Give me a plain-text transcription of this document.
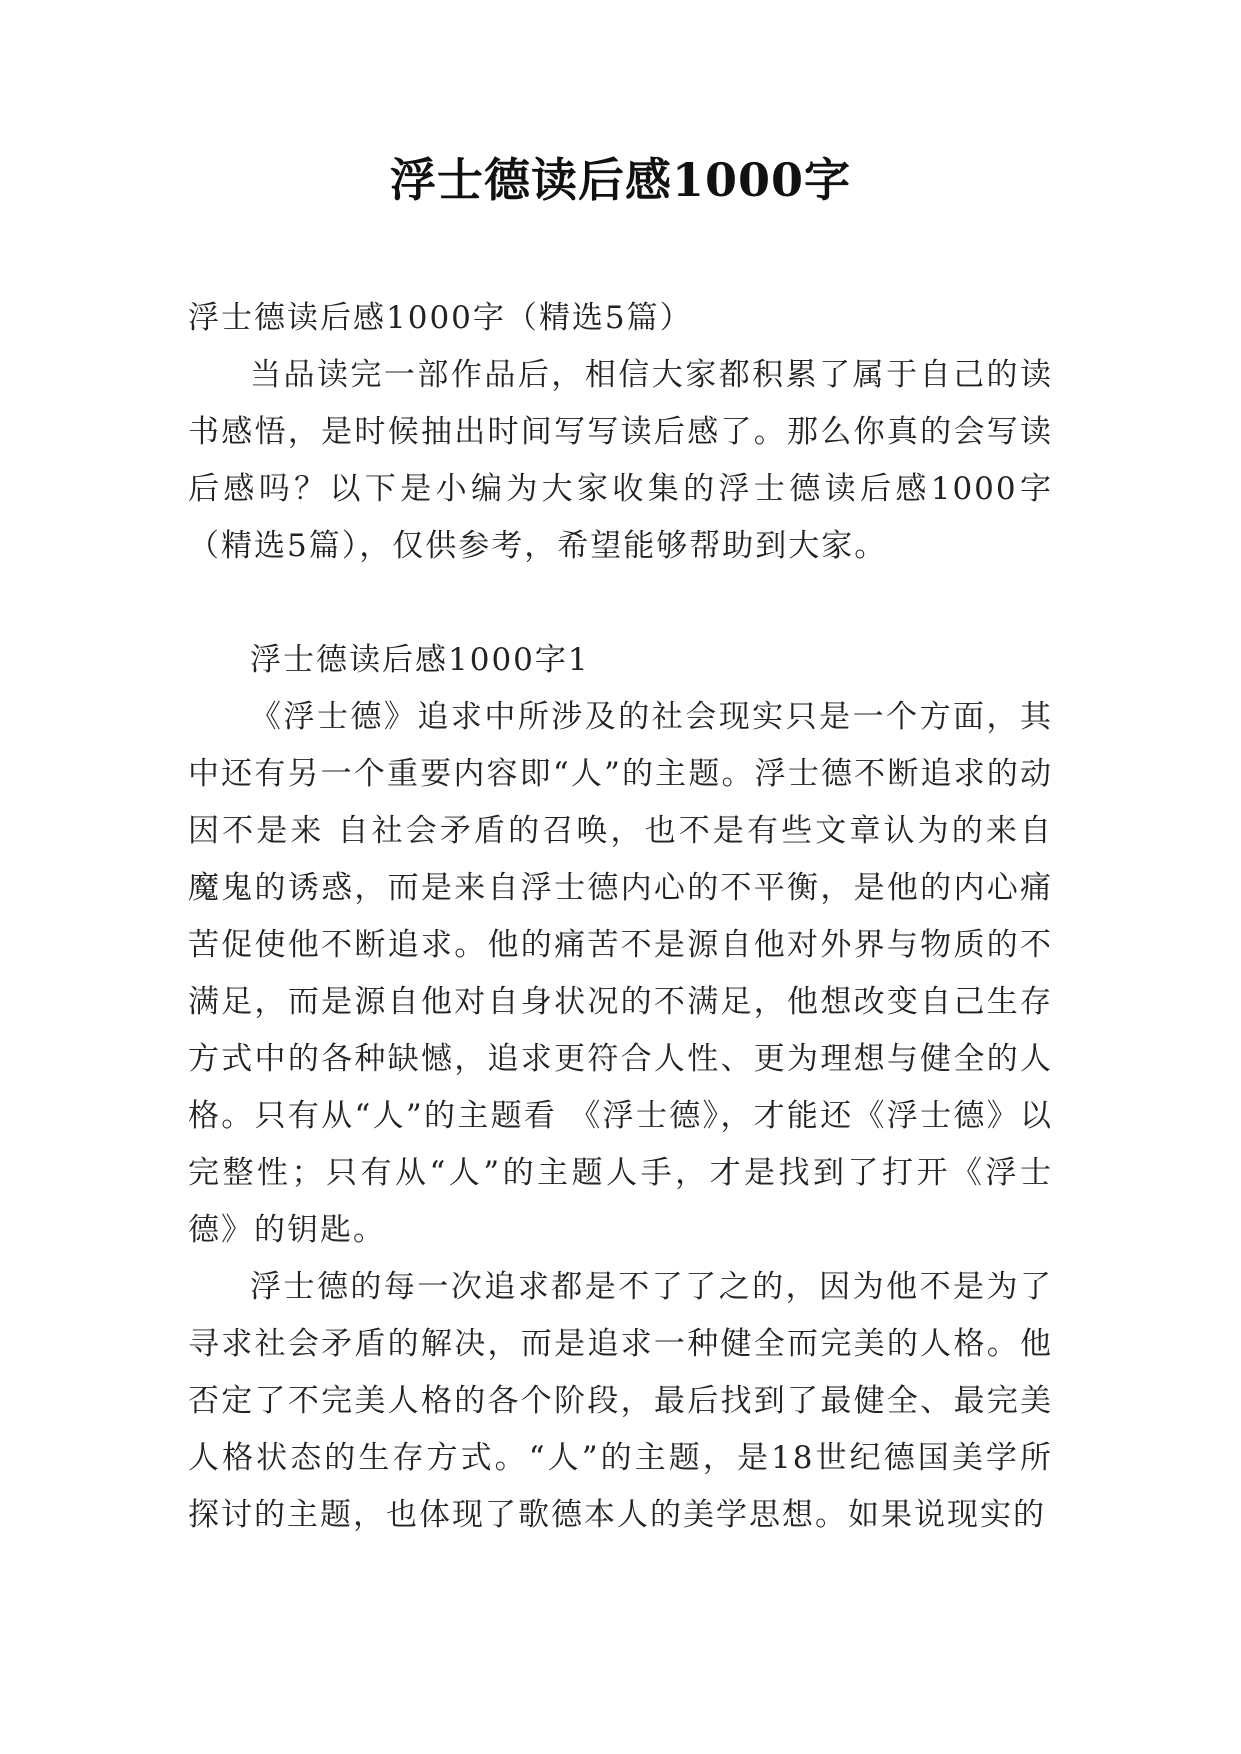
浮士德读后感1000字

浮士德读后感1000字（精选5篇）

当品读完一部作品后，相信大家都积累了属于自己的读书感悟，是时候抽出时间写写读后感了。那么你真的会写读后感吗？以下是小编为大家收集的浮士德读后感1000字（精选5篇），仅供参考，希望能够帮助到大家。

浮士德读后感1000字1

《浮士德》追求中所涉及的社会现实只是一个方面，其中还有另一个重要内容即“人”的主题。浮士德不断追求的动因不是来 自社会矛盾的召唤，也不是有些文章认为的来自魔鬼的诱惑，而是来自浮士德内心的不平衡，是他的内心痛苦促使他不断追求。他的痛苦不是源自他对外界与物质的不满足，而是源自他对自身状况的不满足，他想改变自己生存方式中的各种缺憾，追求更符合人性、更为理想与健全的人格。只有从“人”的主题看 《浮士德》，才能还《浮士德》以完整性；只有从“人”的主题人手，才是找到了打开《浮士德》的钥匙。

浮士德的每一次追求都是不了了之的，因为他不是为了寻求社会矛盾的解决，而是追求一种健全而完美的人格。他否定了不完美人格的各个阶段，最后找到了最健全、最完美人格状态的生存方式。“人”的主题，是18世纪德国美学所探讨的主题，也体现了歌德本人的美学思想。如果说现实的
